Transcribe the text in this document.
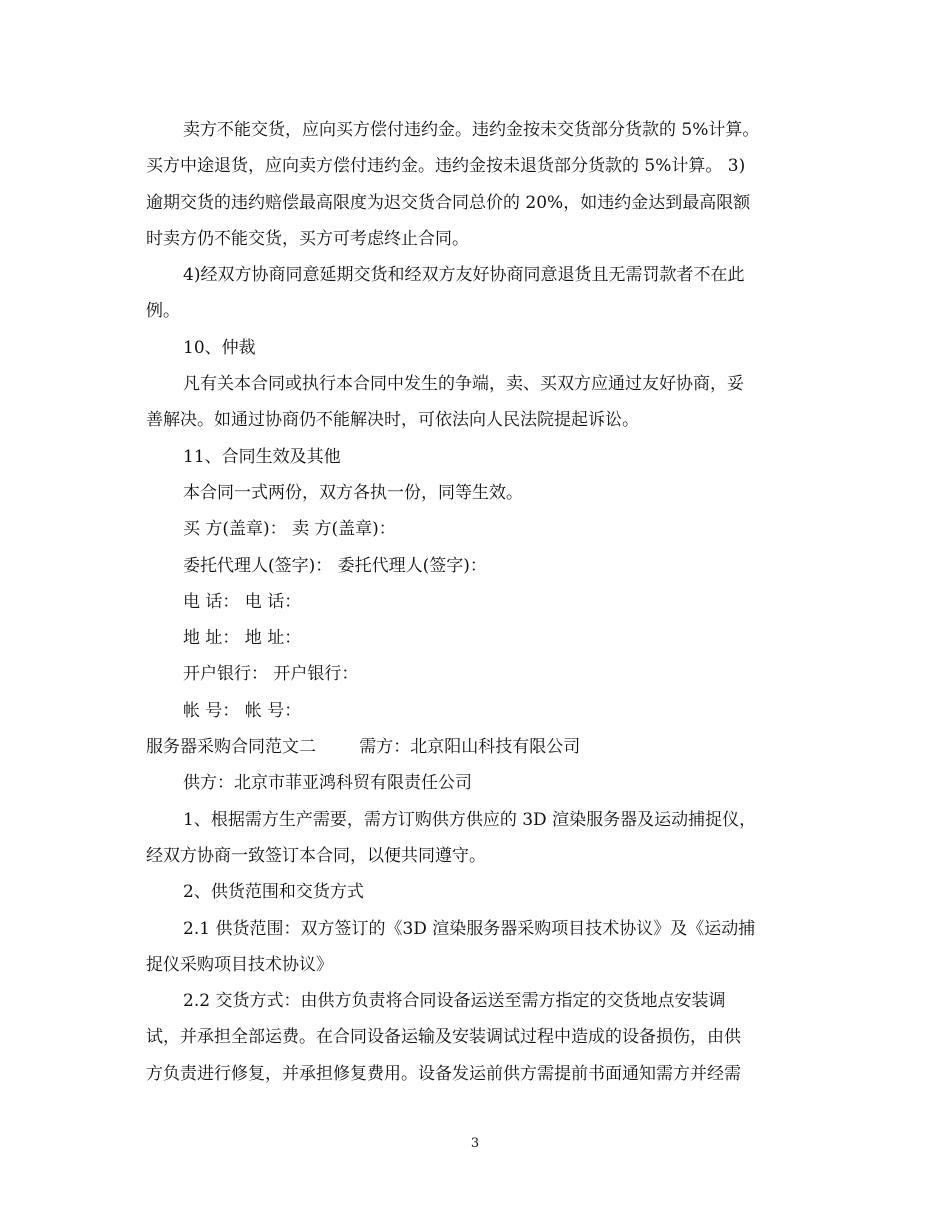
卖方不能交货，应向买方偿付违约金。违约金按未交货部分货款的 5%计算。

买方中途退货，应向卖方偿付违约金。违约金按未退货部分货款的 5%计算。 3)

逾期交货的违约赔偿最高限度为迟交货合同总价的 20%，如违约金达到最高限额

时卖方仍不能交货，买方可考虑终止合同。

4)经双方协商同意延期交货和经双方友好协商同意退货且无需罚款者不在此

例。

10、仲裁

凡有关本合同或执行本合同中发生的争端，卖、买双方应通过友好协商，妥

善解决。如通过协商仍不能解决时，可依法向人民法院提起诉讼。

11、合同生效及其他

本合同一式两份，双方各执一份，同等生效。

买 方(盖章)： 卖 方(盖章)：

委托代理人(签字)： 委托代理人(签字)：

电 话： 电 话：

地 址： 地 址：

开户银行： 开户银行：

帐 号： 帐 号：

服务器采购合同范文二        需方：北京阳山科技有限公司

供方：北京市菲亚鸿科贸有限责任公司

1、根据需方生产需要，需方订购供方供应的 3D 渲染服务器及运动捕捉仪，

经双方协商一致签订本合同，以便共同遵守。

2、供货范围和交货方式

2.1 供货范围：双方签订的《3D 渲染服务器采购项目技术协议》及《运动捕

捉仪采购项目技术协议》

2.2 交货方式：由供方负责将合同设备运送至需方指定的交货地点安装调

试，并承担全部运费。在合同设备运输及安装调试过程中造成的设备损伤，由供

方负责进行修复，并承担修复费用。设备发运前供方需提前书面通知需方并经需

3
